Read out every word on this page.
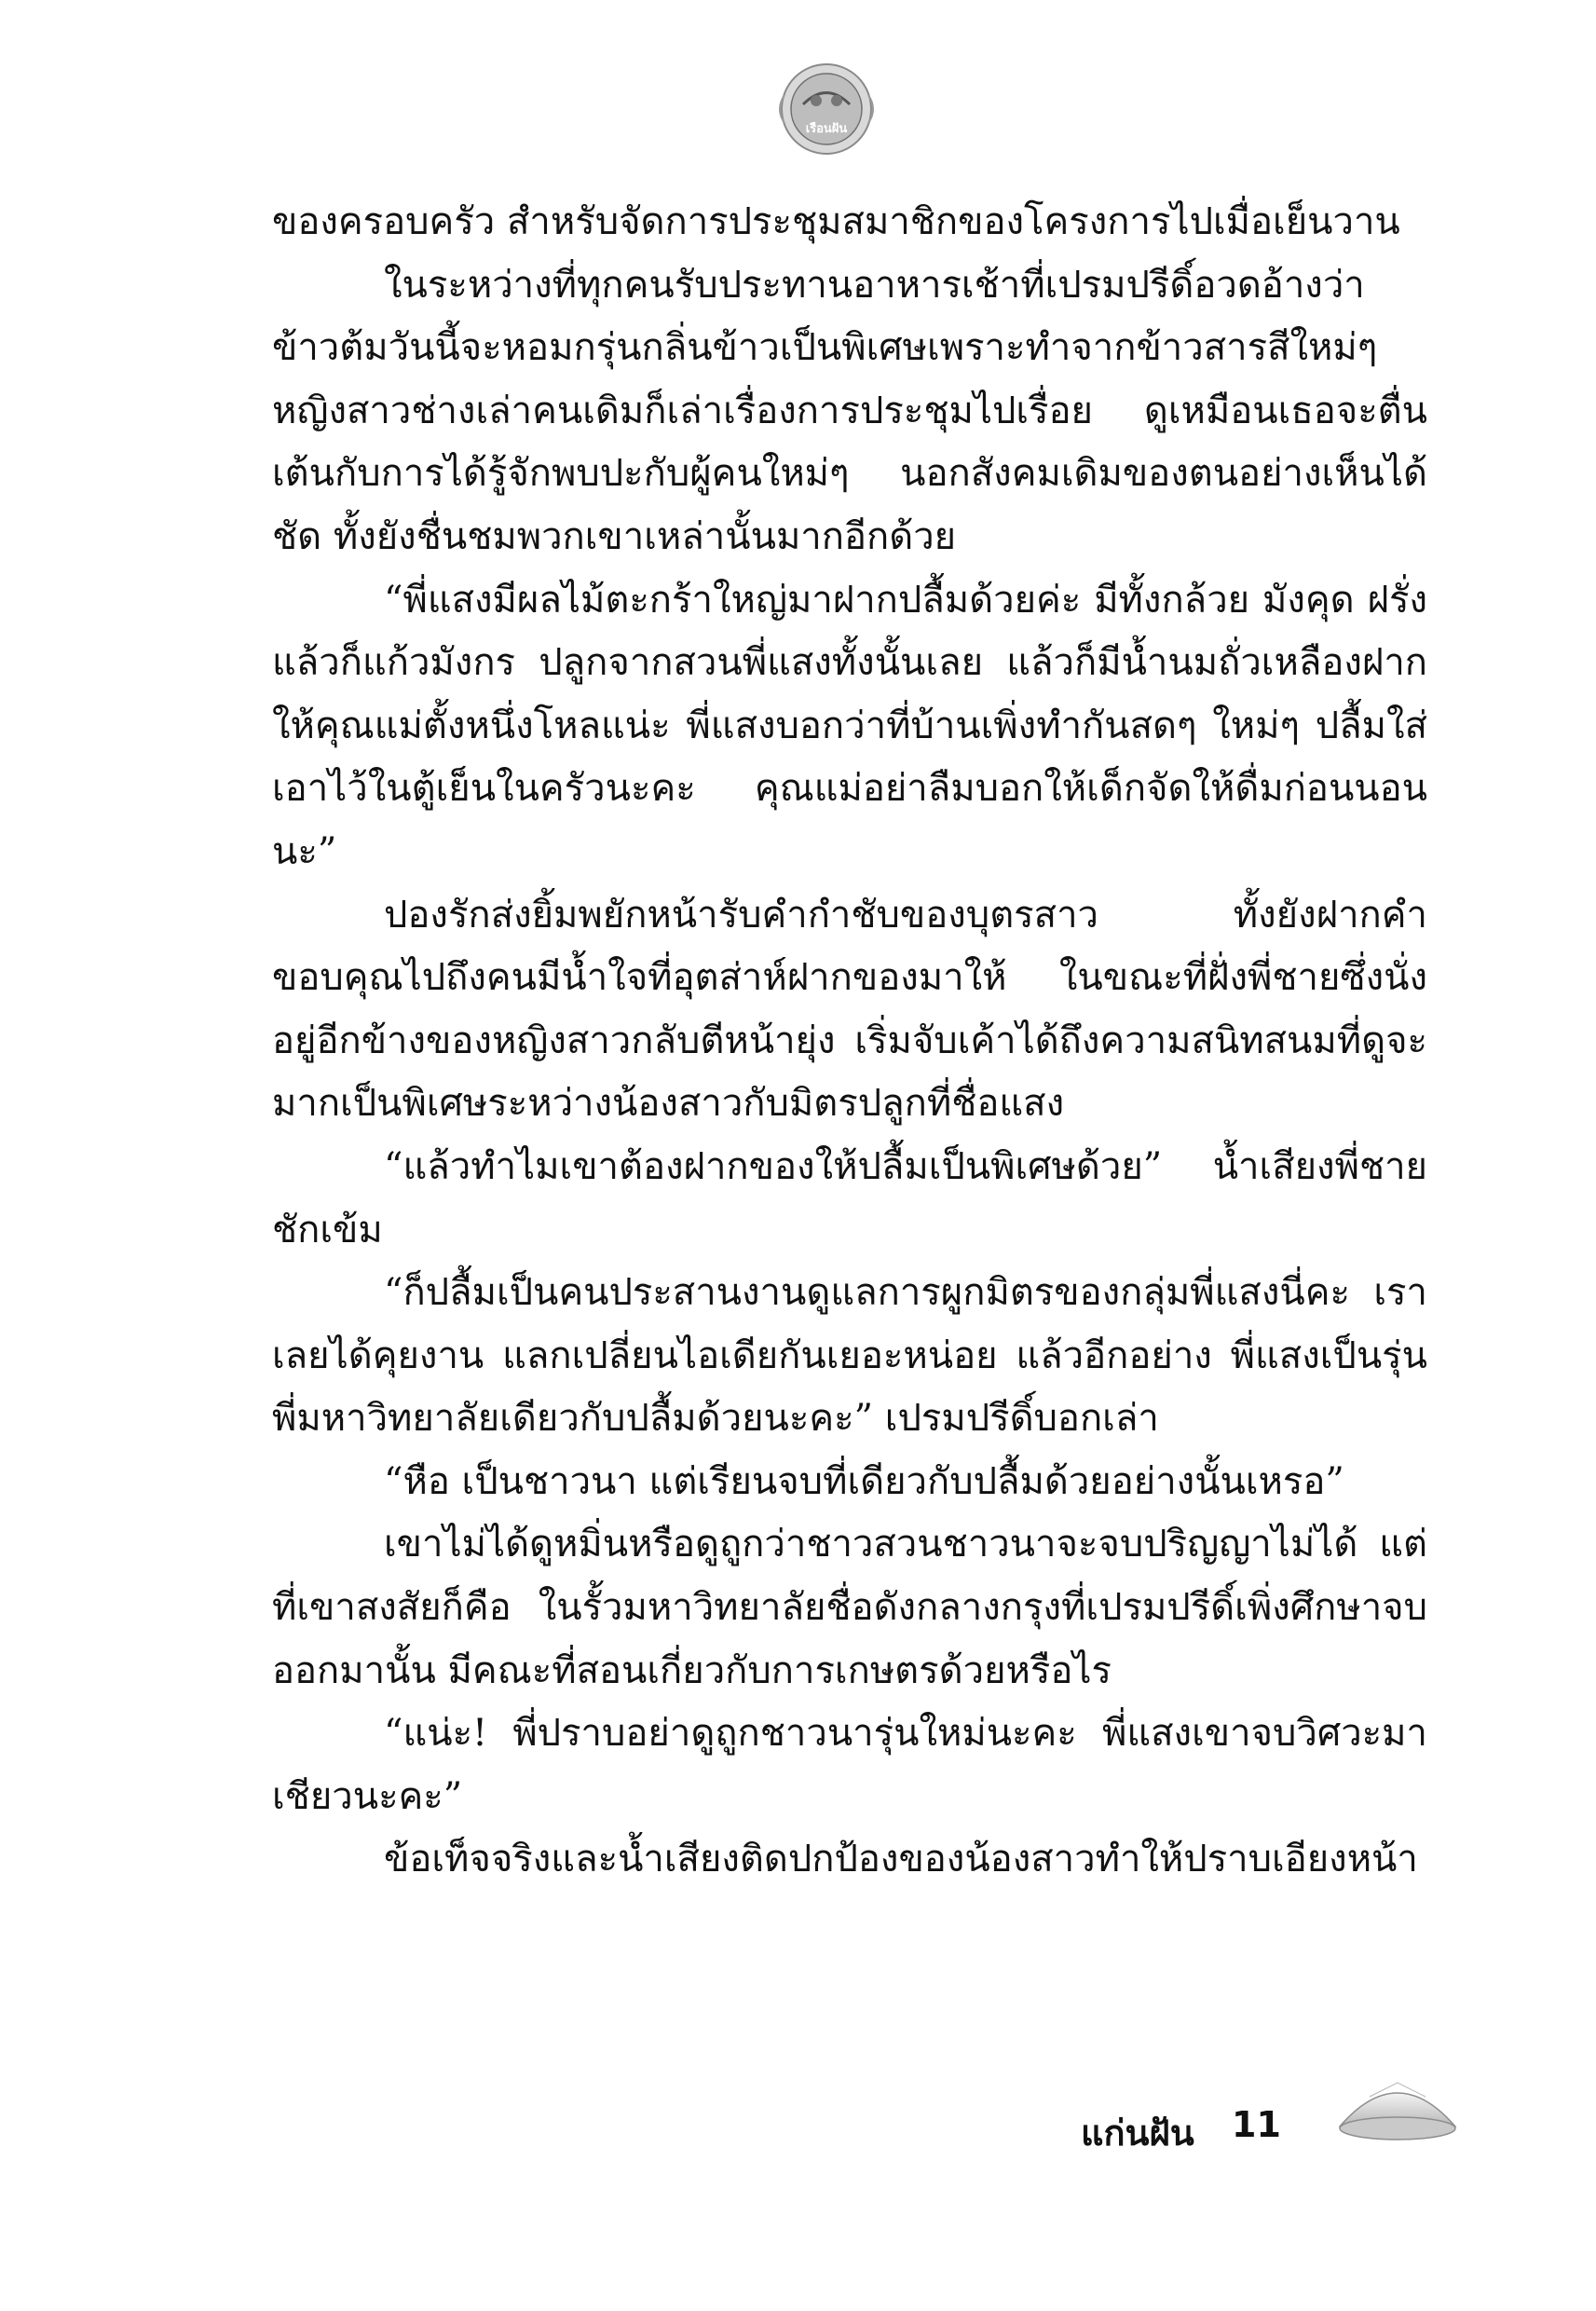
เรือนฝัน

ของครอบครัว สำหรับจัดการประชุมสมาชิกของโครงการไปเมื่อเย็นวาน

ในระหว่างที่ทุกคนรับประทานอาหารเช้าที่เปรมปรีดิ์อวดอ้างว่าข้าวต้มวันนี้จะหอมกรุ่นกลิ่นข้าวเป็นพิเศษเพราะทำจากข้าวสารสีใหม่ๆ หญิงสาวช่างเล่าคนเดิมก็เล่าเรื่องการประชุมไปเรื่อย ดูเหมือนเธอจะตื่นเต้นกับการได้รู้จักพบปะกับผู้คนใหม่ๆ นอกสังคมเดิมของตนอย่างเห็นได้ชัด ทั้งยังชื่นชมพวกเขาเหล่านั้นมากอีกด้วย

“พี่แสงมีผลไม้ตะกร้าใหญ่มาฝากปลื้มด้วยค่ะ มีทั้งกล้วย มังคุด ฝรั่ง แล้วก็แก้วมังกร ปลูกจากสวนพี่แสงทั้งนั้นเลย แล้วก็มีน้ำนมถั่วเหลืองฝากให้คุณแม่ตั้งหนึ่งโหลแน่ะ พี่แสงบอกว่าที่บ้านเพิ่งทำกันสดๆ ใหม่ๆ ปลื้มใส่เอาไว้ในตู้เย็นในครัวนะคะ คุณแม่อย่าลืมบอกให้เด็กจัดให้ดื่มก่อนนอนนะ”

ปองรักส่งยิ้มพยักหน้ารับคำกำชับของบุตรสาว ทั้งยังฝากคำขอบคุณไปถึงคนมีน้ำใจที่อุตส่าห์ฝากของมาให้ ในขณะที่ฝั่งพี่ชายซึ่งนั่งอยู่อีกข้างของหญิงสาวกลับตีหน้ายุ่ง เริ่มจับเค้าได้ถึงความสนิทสนมที่ดูจะมากเป็นพิเศษระหว่างน้องสาวกับมิตรปลูกที่ชื่อแสง

“แล้วทำไมเขาต้องฝากของให้ปลื้มเป็นพิเศษด้วย” น้ำเสียงพี่ชายชักเข้ม

“ก็ปลื้มเป็นคนประสานงานดูแลการผูกมิตรของกลุ่มพี่แสงนี่คะ เราเลยได้คุยงาน แลกเปลี่ยนไอเดียกันเยอะหน่อย แล้วอีกอย่าง พี่แสงเป็นรุ่นพี่มหาวิทยาลัยเดียวกับปลื้มด้วยนะคะ” เปรมปรีดิ์บอกเล่า

“หือ เป็นชาวนา แต่เรียนจบที่เดียวกับปลื้มด้วยอย่างนั้นเหรอ”

เขาไม่ได้ดูหมิ่นหรือดูถูกว่าชาวสวนชาวนาจะจบปริญญาไม่ได้ แต่ที่เขาสงสัยก็คือ ในรั้วมหาวิทยาลัยชื่อดังกลางกรุงที่เปรมปรีดิ์เพิ่งศึกษาจบออกมานั้น มีคณะที่สอนเกี่ยวกับการเกษตรด้วยหรือไร

“แน่ะ! พี่ปราบอย่าดูถูกชาวนารุ่นใหม่นะคะ พี่แสงเขาจบวิศวะมาเชียวนะคะ”

ข้อเท็จจริงและน้ำเสียงติดปกป้องของน้องสาวทำให้ปราบเอียงหน้า

แก่นฝัน 11
